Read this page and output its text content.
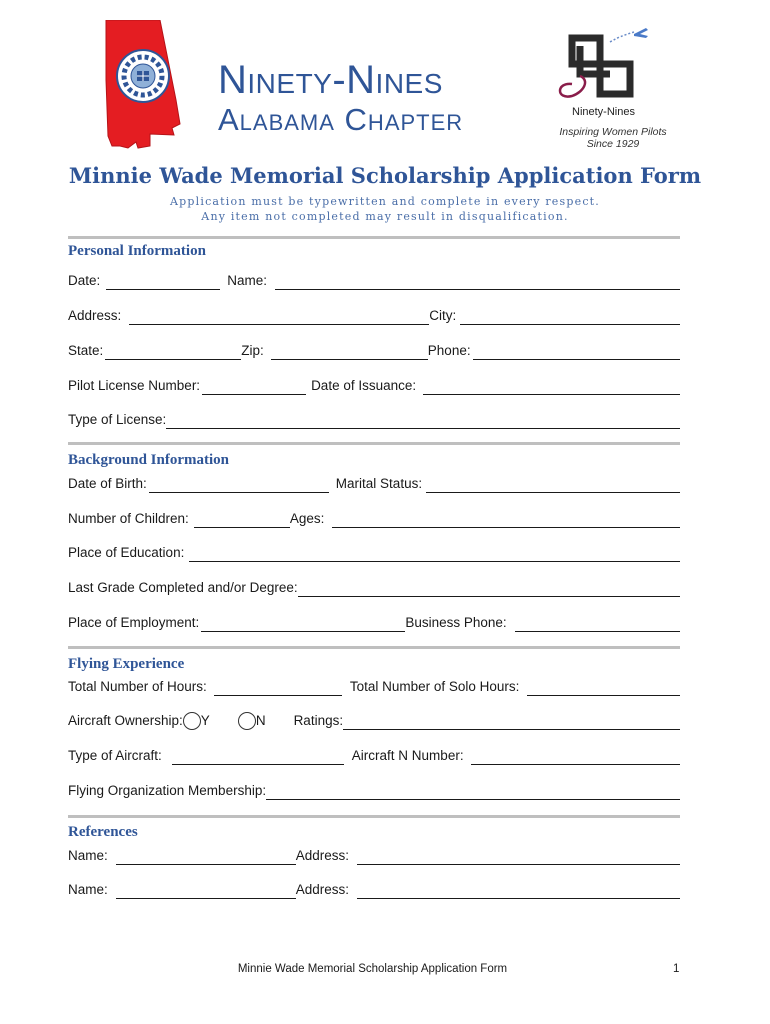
Ninety-Nines
Alabama Chapter	Ninety-Nines
Inspiring Women Pilots
Since 1929
Minnie Wade Memorial Scholarship Application Form
Application must be typewritten and complete in every respect.
Any item not completed may result in disqualification.
Personal Information
Date:	Name:
Address:	City:
State:	Zip:	Phone:
Pilot License Number:	Date of Issuance:
Type of License:
Background Information
Date of Birth:	Marital Status:
Number of Children:	Ages:
Place of Education:
Last Grade Completed and/or Degree:
Place of Employment:	Business Phone:
Flying Experience
Total Number of Hours:	Total Number of Solo Hours:
Aircraft Ownership: Y	N Ratings:
Type of Aircraft:	Aircraft N Number:
Flying Organization Membership:
References
Name:	Address:
Name:	Address:
Minnie Wade Memorial Scholarship Application Form	1
